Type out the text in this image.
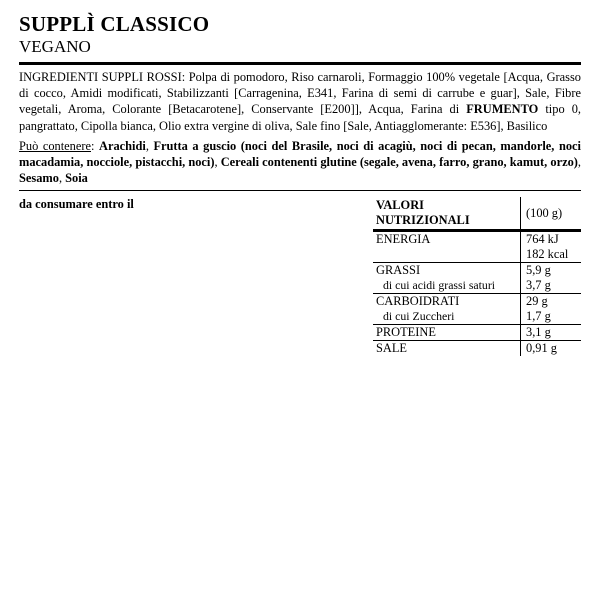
SUPPLÌ CLASSICO
VEGANO
INGREDIENTI SUPPLI ROSSI: Polpa di pomodoro, Riso carnaroli, Formaggio 100% vegetale [Acqua, Grasso di cocco, Amidi modificati, Stabilizzanti [Carragenina, E341, Farina di semi di carrube e guar], Sale, Fibre vegetali, Aroma, Colorante [Betacarotene], Conservante [E200]], Acqua, Farina di FRUMENTO tipo 0, pangrattato, Cipolla bianca, Olio extra vergine di oliva, Sale fino [Sale, Antiagglomerante: E536], Basilico
Può contenere: Arachidi, Frutta a guscio (noci del Brasile, noci di acagiù, noci di pecan, mandorle, noci macadamia, nocciole, pistacchi, noci), Cereali contenenti glutine (segale, avena, farro, grano, kamut, orzo), Sesamo, Soia
da consumare entro il	VALORI
NUTRIZIONALI	(100 g)
ENERGIA	764 kJ
182 kcal
GRASSI	5,9 g
di cui acidi grassi saturi	3,7 g
CARBOIDRATI	29 g
di cui Zuccheri	1,7 g
PROTEINE	3,1 g
SALE	0,91 g
